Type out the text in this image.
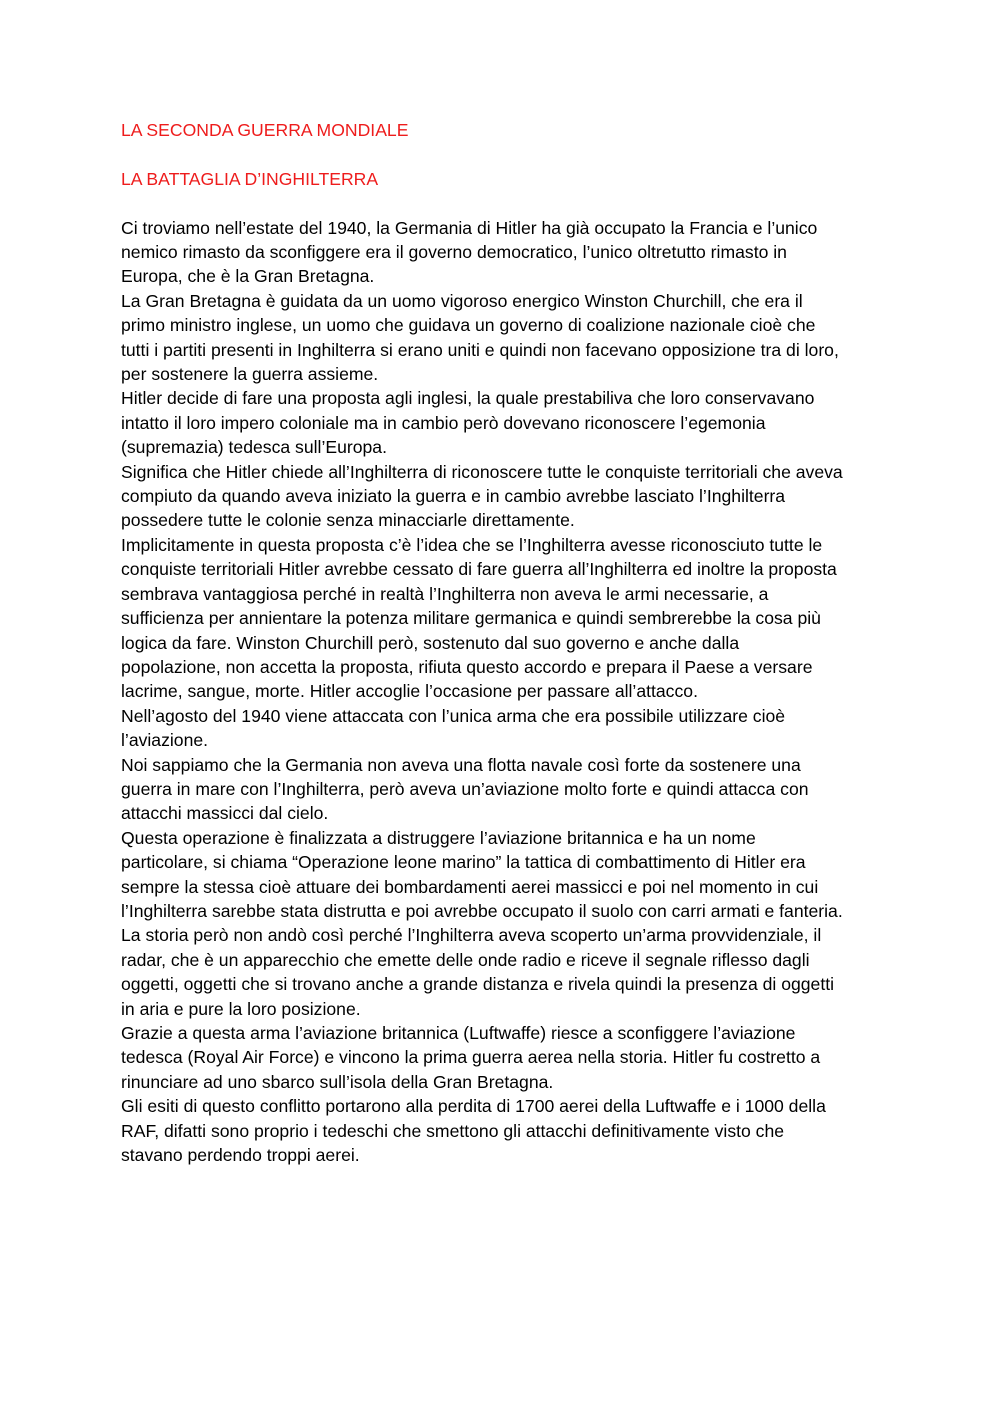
LA SECONDA GUERRA MONDIALE
LA BATTAGLIA D’INGHILTERRA
Ci troviamo nell’estate del 1940, la Germania di Hitler ha già occupato la Francia e l’unico
nemico rimasto da sconfiggere era il governo democratico, l’unico oltretutto rimasto in
Europa, che è la Gran Bretagna.
La Gran Bretagna è guidata da un uomo vigoroso energico Winston Churchill, che era il
primo ministro inglese, un uomo che guidava un governo di coalizione nazionale cioè che
tutti i partiti presenti in Inghilterra si erano uniti e quindi non facevano opposizione tra di loro,
per sostenere la guerra assieme.
Hitler decide di fare una proposta agli inglesi, la quale prestabiliva che loro conservavano
intatto il loro impero coloniale ma in cambio però dovevano riconoscere l’egemonia
(supremazia) tedesca sull’Europa.
Significa che Hitler chiede all’Inghilterra di riconoscere tutte le conquiste territoriali che aveva
compiuto da quando aveva iniziato la guerra e in cambio avrebbe lasciato l’Inghilterra
possedere tutte le colonie senza minacciarle direttamente.
Implicitamente in questa proposta c’è l’idea che se l’Inghilterra avesse riconosciuto tutte le
conquiste territoriali Hitler avrebbe cessato di fare guerra all’Inghilterra ed inoltre la proposta
sembrava vantaggiosa perché in realtà l’Inghilterra non aveva le armi necessarie, a
sufficienza per annientare la potenza militare germanica e quindi sembrerebbe la cosa più
logica da fare. Winston Churchill però, sostenuto dal suo governo e anche dalla
popolazione, non accetta la proposta, rifiuta questo accordo e prepara il Paese a versare
lacrime, sangue, morte. Hitler accoglie l’occasione per passare all’attacco.
Nell’agosto del 1940 viene attaccata con l’unica arma che era possibile utilizzare cioè
l’aviazione.
Noi sappiamo che la Germania non aveva una flotta navale così forte da sostenere una
guerra in mare con l’Inghilterra, però aveva un’aviazione molto forte e quindi attacca con
attacchi massicci dal cielo.
Questa operazione è finalizzata a distruggere l’aviazione britannica e ha un nome
particolare, si chiama “Operazione leone marino” la tattica di combattimento di Hitler era
sempre la stessa cioè attuare dei bombardamenti aerei massicci e poi nel momento in cui
l’Inghilterra sarebbe stata distrutta e poi avrebbe occupato il suolo con carri armati e fanteria.
La storia però non andò così perché l’Inghilterra aveva scoperto un’arma provvidenziale, il
radar, che è un apparecchio che emette delle onde radio e riceve il segnale riflesso dagli
oggetti, oggetti che si trovano anche a grande distanza e rivela quindi la presenza di oggetti
in aria e pure la loro posizione.
Grazie a questa arma l’aviazione britannica (Luftwaffe) riesce a sconfiggere l’aviazione
tedesca (Royal Air Force) e vincono la prima guerra aerea nella storia. Hitler fu costretto a
rinunciare ad uno sbarco sull’isola della Gran Bretagna.
Gli esiti di questo conflitto portarono alla perdita di 1700 aerei della Luftwaffe e i 1000 della
RAF, difatti sono proprio i tedeschi che smettono gli attacchi definitivamente visto che
stavano perdendo troppi aerei.
